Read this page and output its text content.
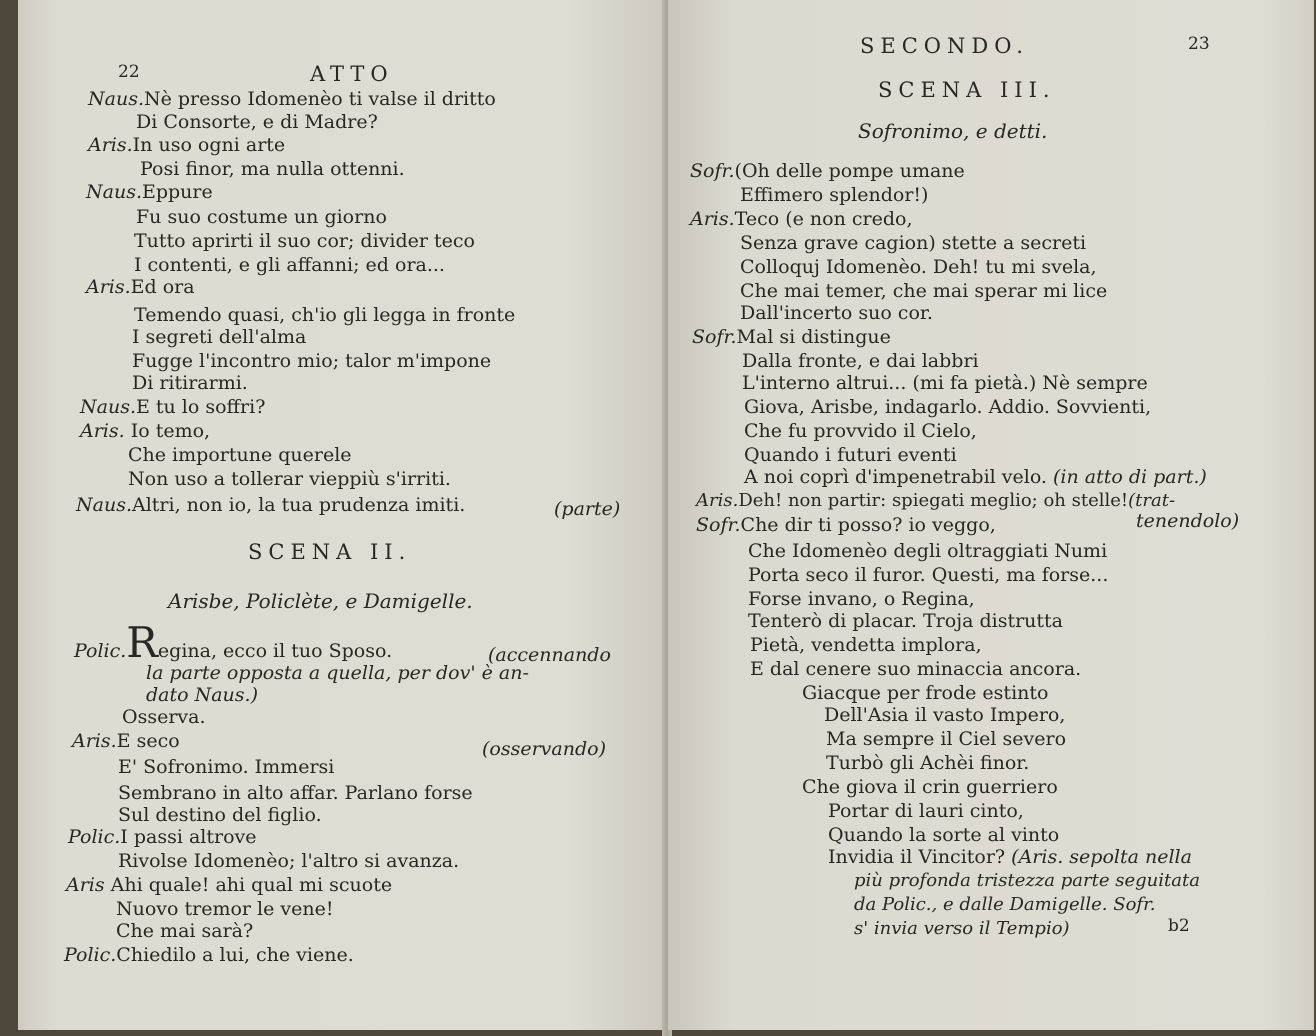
22	ATTO
Naus.Nè presso Idomenèo ti valse il dritto
Di Consorte, e di Madre?
Aris.In uso ogni arte
Posi finor, ma nulla ottenni.
Naus.Eppure
Fu suo costume un giorno
Tutto aprirti il suo cor; divider teco
I contenti, e gli affanni; ed ora...
Aris.Ed ora
Temendo quasi, ch'io gli legga in fronte
I segreti dell'alma
Fugge l'incontro mio; talor m'impone
Di ritirarmi.
Naus.E tu lo soffri?
Aris. Io temo,
Che importune querele
Non uso a tollerar vieppiù s'irriti.
Naus.Altri, non io, la tua prudenza imiti.	(parte)
SCENA II.
Arisbe, Policlète, e Damigelle.
Polic.Regina, ecco il tuo Sposo.	(accennando
la parte opposta a quella, per dov' è an-
dato Naus.)
Osserva.
Aris.E seco	(osservando)
E' Sofronimo. Immersi
Sembrano in alto affar. Parlano forse
Sul destino del figlio.
Polic.I passi altrove
Rivolse Idomenèo; l'altro si avanza.
Aris Ahi quale! ahi qual mi scuote
Nuovo tremor le vene!
Che mai sarà?
Polic.Chiedilo a lui, che viene.
SECONDO.	23
SCENA III.
Sofronimo, e detti.
Sofr.(Oh delle pompe umane
Effimero splendor!)
Aris.Teco (e non credo,
Senza grave cagion) stette a secreti
Colloquj Idomenèo. Deh! tu mi svela,
Che mai temer, che mai sperar mi lice
Dall'incerto suo cor.
Sofr.Mal si distingue
Dalla fronte, e dai labbri
L'interno altrui... (mi fa pietà.) Nè sempre
Giova, Arisbe, indagarlo. Addio. Sovvienti,
Che fu provvido il Cielo,
Quando i futuri eventi
A noi coprì d'impenetrabil velo. (in atto di part.)
Aris.Deh! non partir: spiegati meglio; oh stelle!(trat-
Sofr.Che dir ti posso? io veggo,	tenendolo)
Che Idomenèo degli oltraggiati Numi
Porta seco il furor. Questi, ma forse...
Forse invano, o Regina,
Tenterò di placar. Troja distrutta
Pietà, vendetta implora,
E dal cenere suo minaccia ancora.
Giacque per frode estinto
Dell'Asia il vasto Impero,
Ma sempre il Ciel severo
Turbò gli Achèi finor.
Che giova il crin guerriero
Portar di lauri cinto,
Quando la sorte al vinto
Invidia il Vincitor? (Aris. sepolta nella
più profonda tristezza parte seguitata
da Polic., e dalle Damigelle. Sofr.
s' invia verso il Tempio)	b2
